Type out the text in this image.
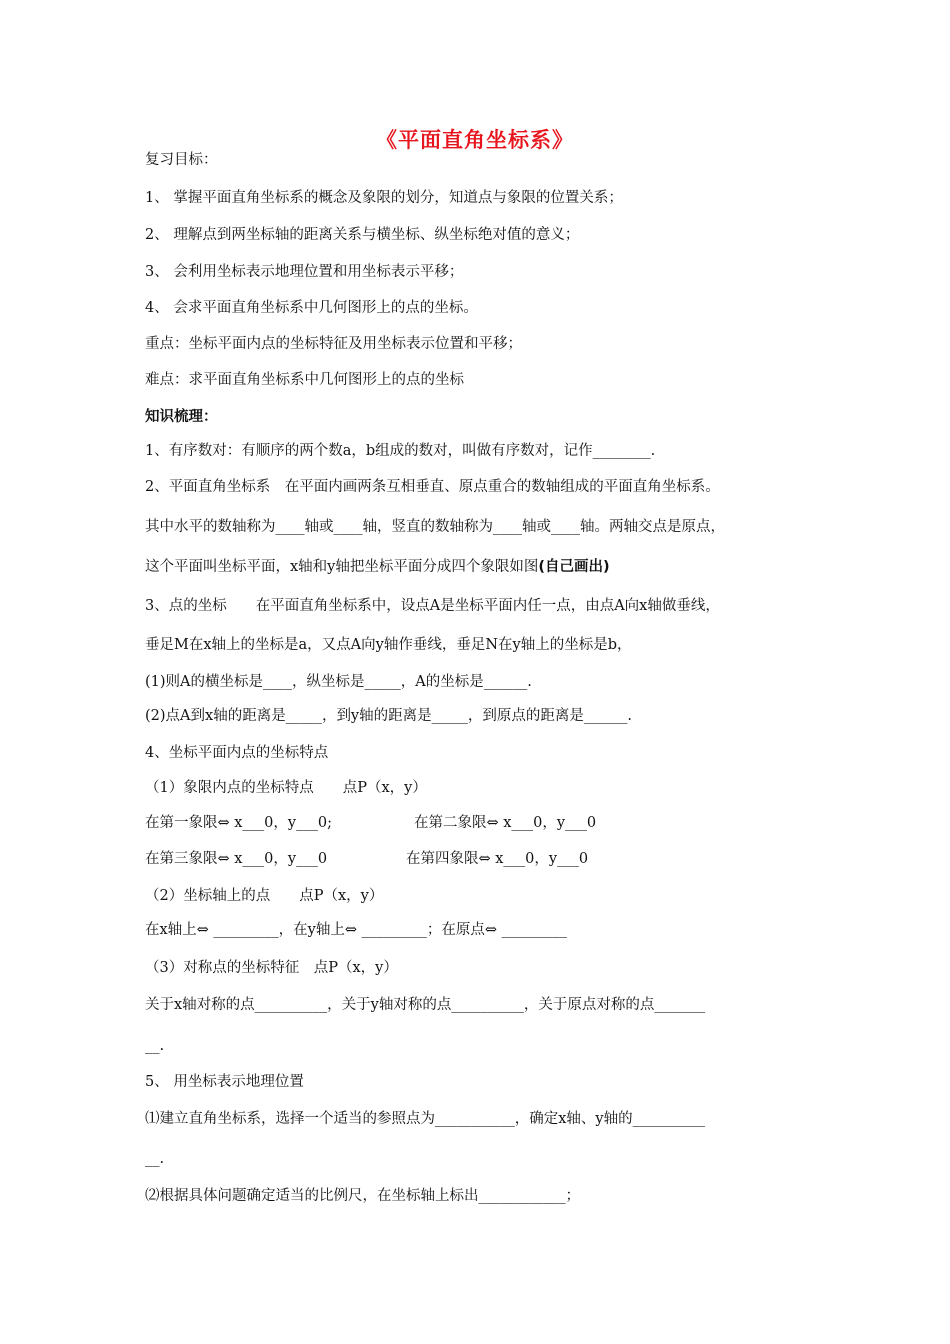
《平面直角坐标系》
复习目标：
1、 掌握平面直角坐标系的概念及象限的划分，知道点与象限的位置关系；
2、 理解点到两坐标轴的距离关系与横坐标、纵坐标绝对值的意义；
3、 会利用坐标表示地理位置和用坐标表示平移；
4、 会求平面直角坐标系中几何图形上的点的坐标。
重点：坐标平面内点的坐标特征及用坐标表示位置和平移；
难点：求平面直角坐标系中几何图形上的点的坐标
知识梳理：
1、有序数对：有顺序的两个数a，b组成的数对，叫做有序数对，记作________.
2、平面直角坐标系　在平面内画两条互相垂直、原点重合的数轴组成的平面直角坐标系。
其中水平的数轴称为____轴或____轴，竖直的数轴称为____轴或____轴。两轴交点是原点，
这个平面叫坐标平面，x轴和y轴把坐标平面分成四个象限如图(自己画出)
3、点的坐标　　在平面直角坐标系中，设点A是坐标平面内任一点，由点A向x轴做垂线，
垂足M在x轴上的坐标是a，又点A向y轴作垂线，垂足N在y轴上的坐标是b，
(1)则A的横坐标是____，纵坐标是_____，A的坐标是______.
(2)点A到x轴的距离是_____，到y轴的距离是_____，到原点的距离是______.
4、坐标平面内点的坐标特点
（1）象限内点的坐标特点　　点P（x，y）
在第一象限⇔ x___0，y___0;	在第二象限⇔ x___0，y___0
在第三象限⇔ x___0，y___0	在第四象限⇔ x___0，y___0
（2）坐标轴上的点　　点P（x，y）
在x轴上⇔ _________，在y轴上⇔ _________；在原点⇔ _________
（3）对称点的坐标特征　点P（x，y）
关于x轴对称的点__________，关于y轴对称的点__________，关于原点对称的点_______
__.
5、 用坐标表示地理位置
⑴建立直角坐标系，选择一个适当的参照点为___________，确定x轴、y轴的__________
__.
⑵根据具体问题确定适当的比例尺，在坐标轴上标出____________；
